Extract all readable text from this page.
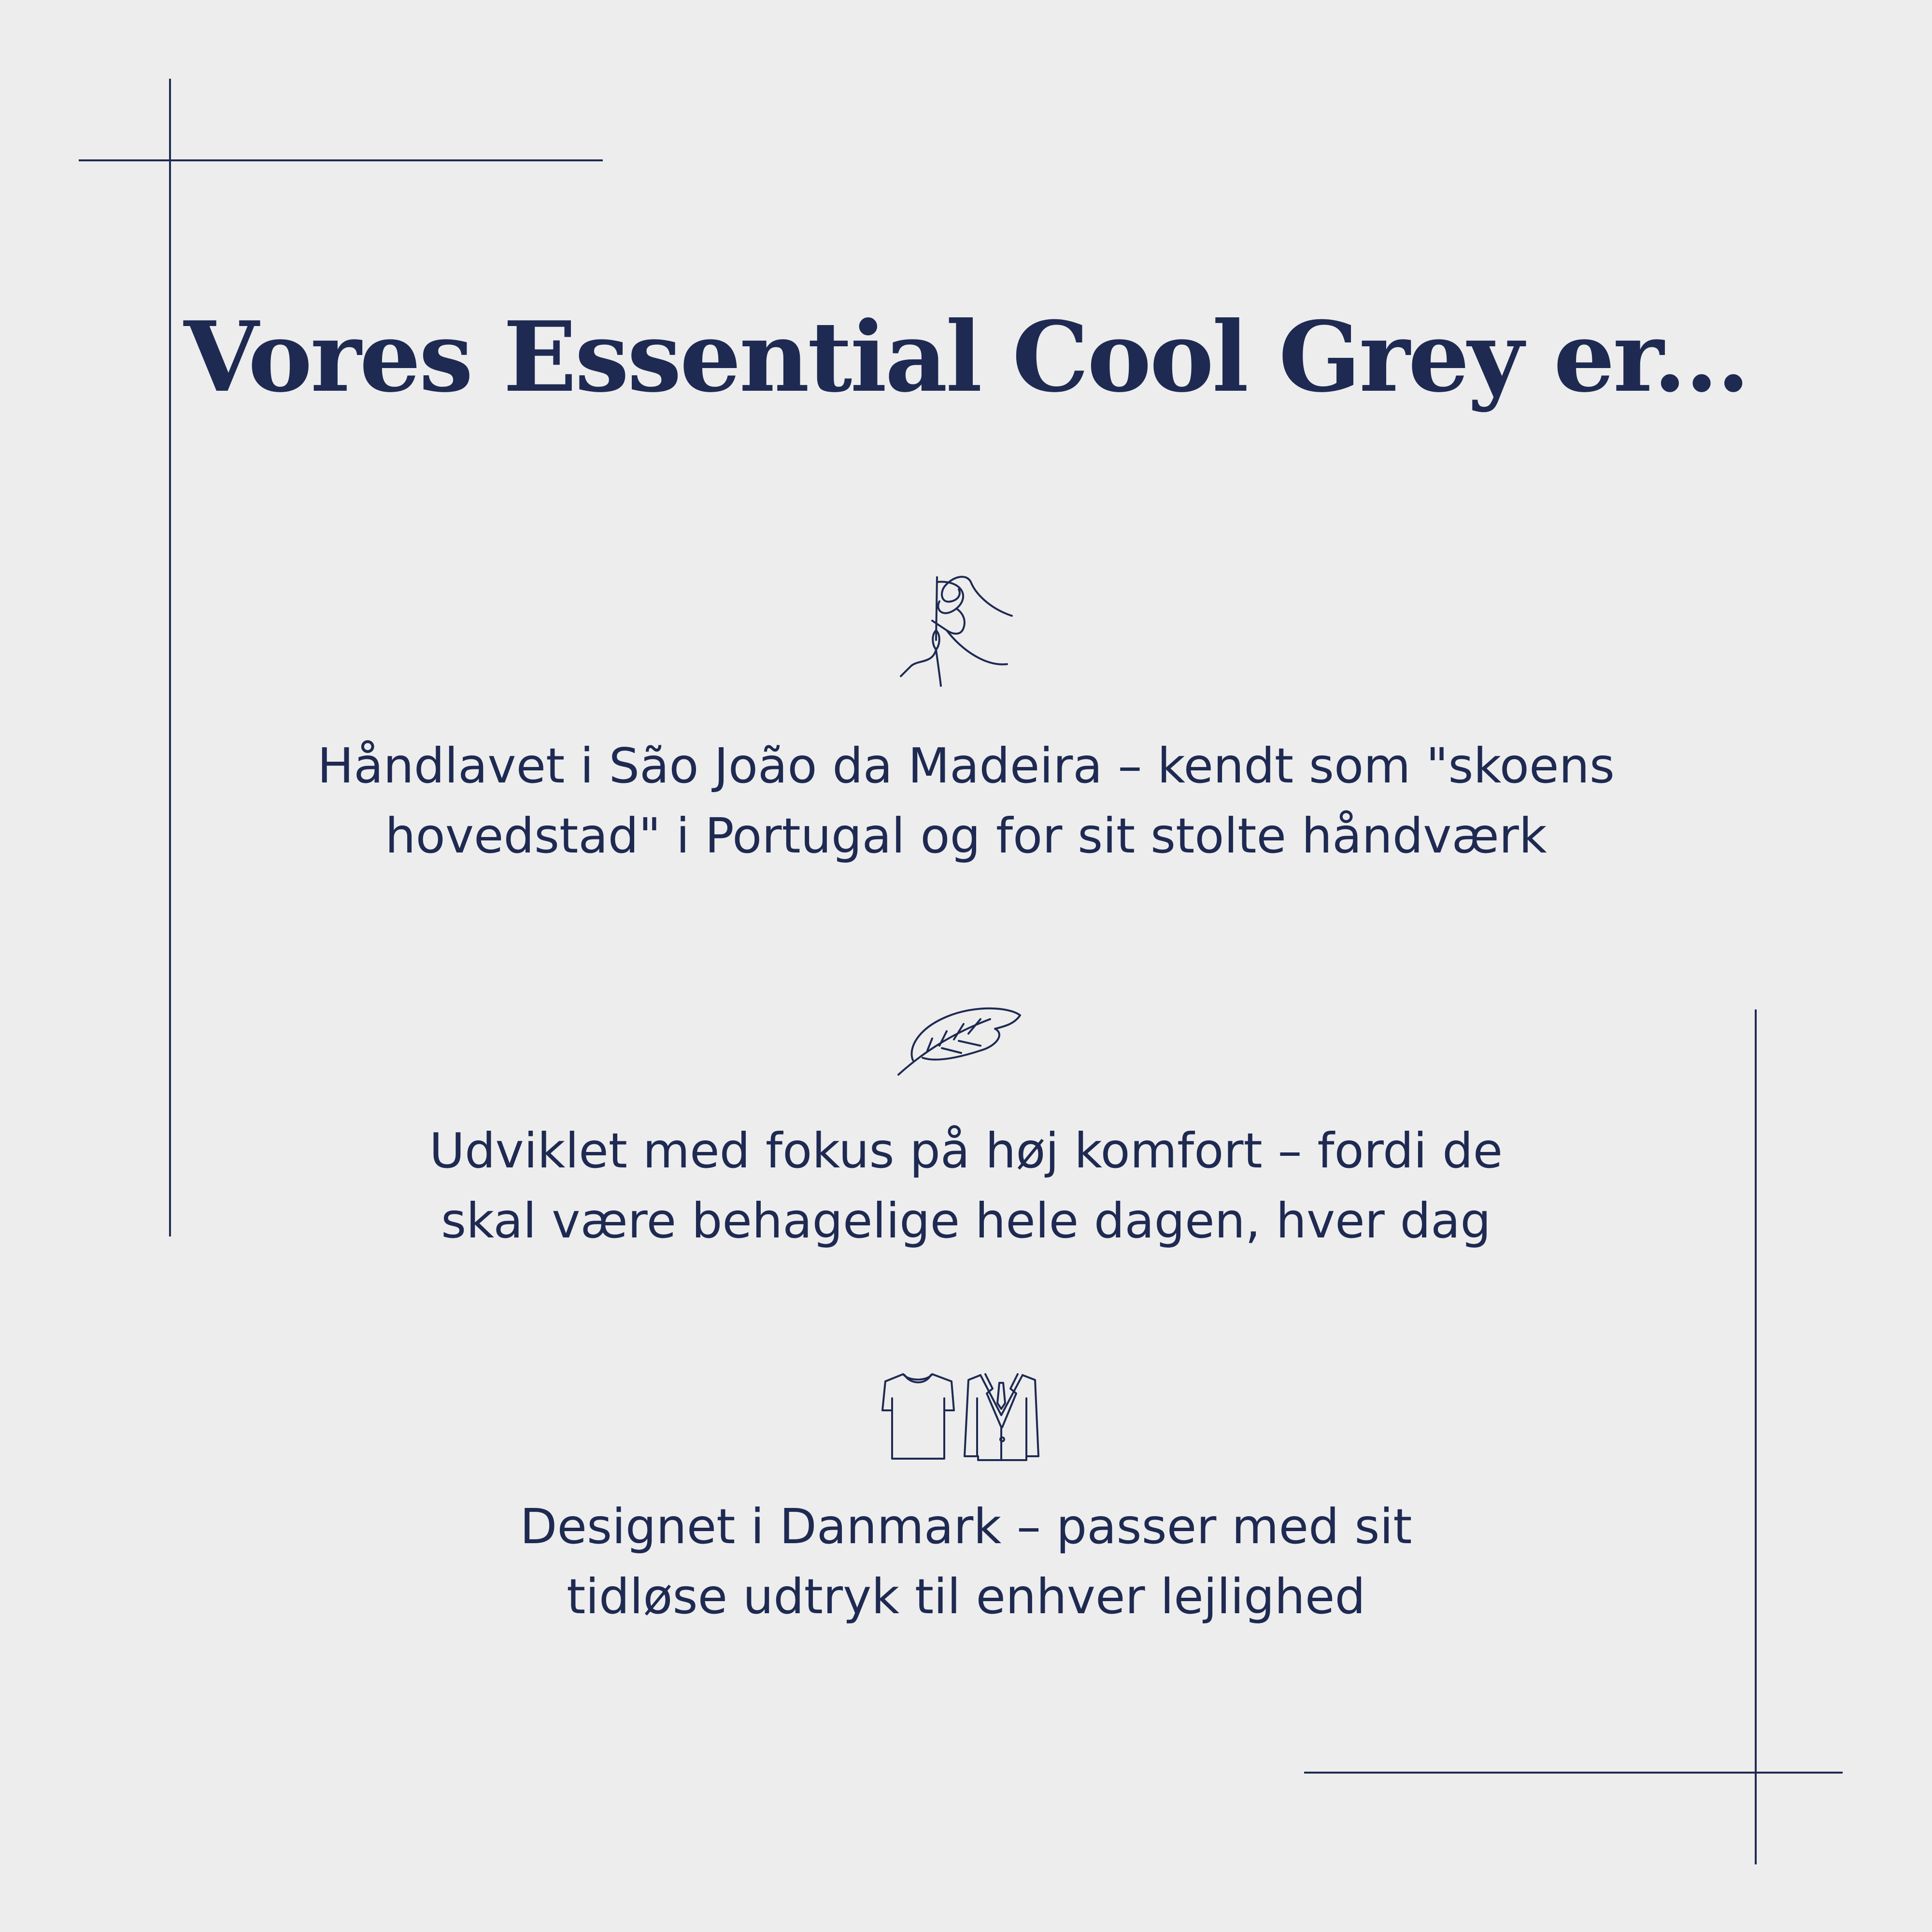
Vores Essential Cool Grey er...

Håndlavet i São João da Madeira – kendt som "skoens
hovedstad" i Portugal og for sit stolte håndværk

Udviklet med fokus på høj komfort – fordi de
skal være behagelige hele dagen, hver dag

Designet i Danmark – passer med sit
tidløse udtryk til enhver lejlighed
